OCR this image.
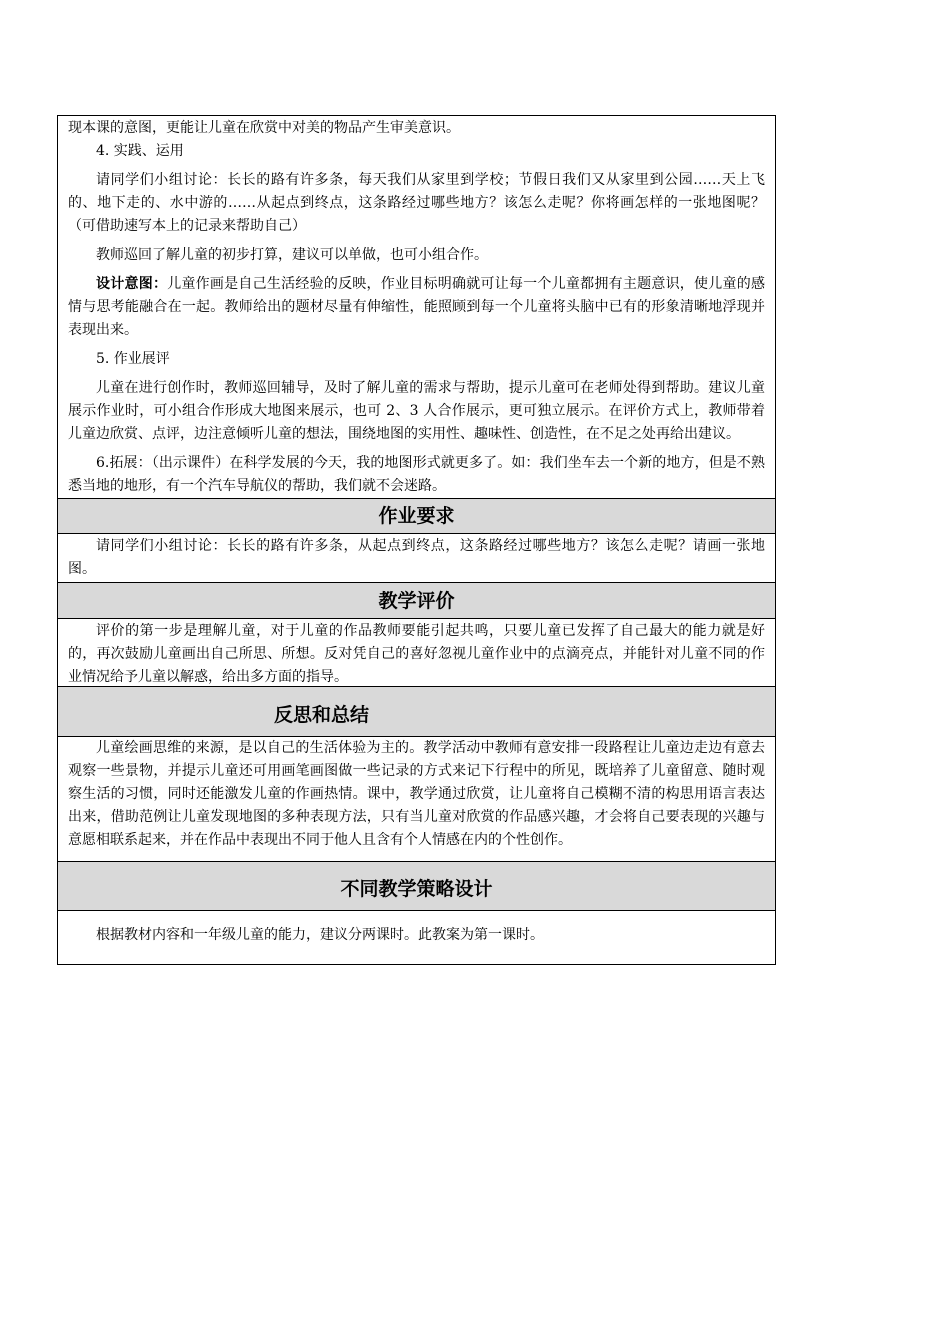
现本课的意图，更能让儿童在欣赏中对美的物品产生审美意识。

4. 实践、运用

请同学们小组讨论：长长的路有许多条，每天我们从家里到学校；节假日我们又从家里到公园……天上飞的、地下走的、水中游的……从起点到终点，这条路经过哪些地方？该怎么走呢？你将画怎样的一张地图呢？（可借助速写本上的记录来帮助自己）

教师巡回了解儿童的初步打算，建议可以单做，也可小组合作。

设计意图：儿童作画是自己生活经验的反映，作业目标明确就可让每一个儿童都拥有主题意识，使儿童的感情与思考能融合在一起。教师给出的题材尽量有伸缩性，能照顾到每一个儿童将头脑中已有的形象清晰地浮现并表现出来。

5. 作业展评

儿童在进行创作时，教师巡回辅导，及时了解儿童的需求与帮助，提示儿童可在老师处得到帮助。建议儿童展示作业时，可小组合作形成大地图来展示，也可 2、3 人合作展示，更可独立展示。在评价方式上，教师带着儿童边欣赏、点评，边注意倾听儿童的想法，围绕地图的实用性、趣味性、创造性，在不足之处再给出建议。

6.拓展：（出示课件）在科学发展的今天，我的地图形式就更多了。如：我们坐车去一个新的地方，但是不熟悉当地的地形，有一个汽车导航仪的帮助，我们就不会迷路。

作业要求

请同学们小组讨论：长长的路有许多条，从起点到终点，这条路经过哪些地方？该怎么走呢？请画一张地图。

教学评价

评价的第一步是理解儿童，对于儿童的作品教师要能引起共鸣，只要儿童已发挥了自己最大的能力就是好的，再次鼓励儿童画出自己所思、所想。反对凭自己的喜好忽视儿童作业中的点滴亮点，并能针对儿童不同的作业情况给予儿童以解惑，给出多方面的指导。

反思和总结

儿童绘画思维的来源，是以自己的生活体验为主的。教学活动中教师有意安排一段路程让儿童边走边有意去观察一些景物，并提示儿童还可用画笔画图做一些记录的方式来记下行程中的所见，既培养了儿童留意、随时观察生活的习惯，同时还能激发儿童的作画热情。课中，教学通过欣赏，让儿童将自己模糊不清的构思用语言表达出来，借助范例让儿童发现地图的多种表现方法，只有当儿童对欣赏的作品感兴趣，才会将自己要表现的兴趣与意愿相联系起来，并在作品中表现出不同于他人且含有个人情感在内的个性创作。

不同教学策略设计

根据教材内容和一年级儿童的能力，建议分两课时。此教案为第一课时。
